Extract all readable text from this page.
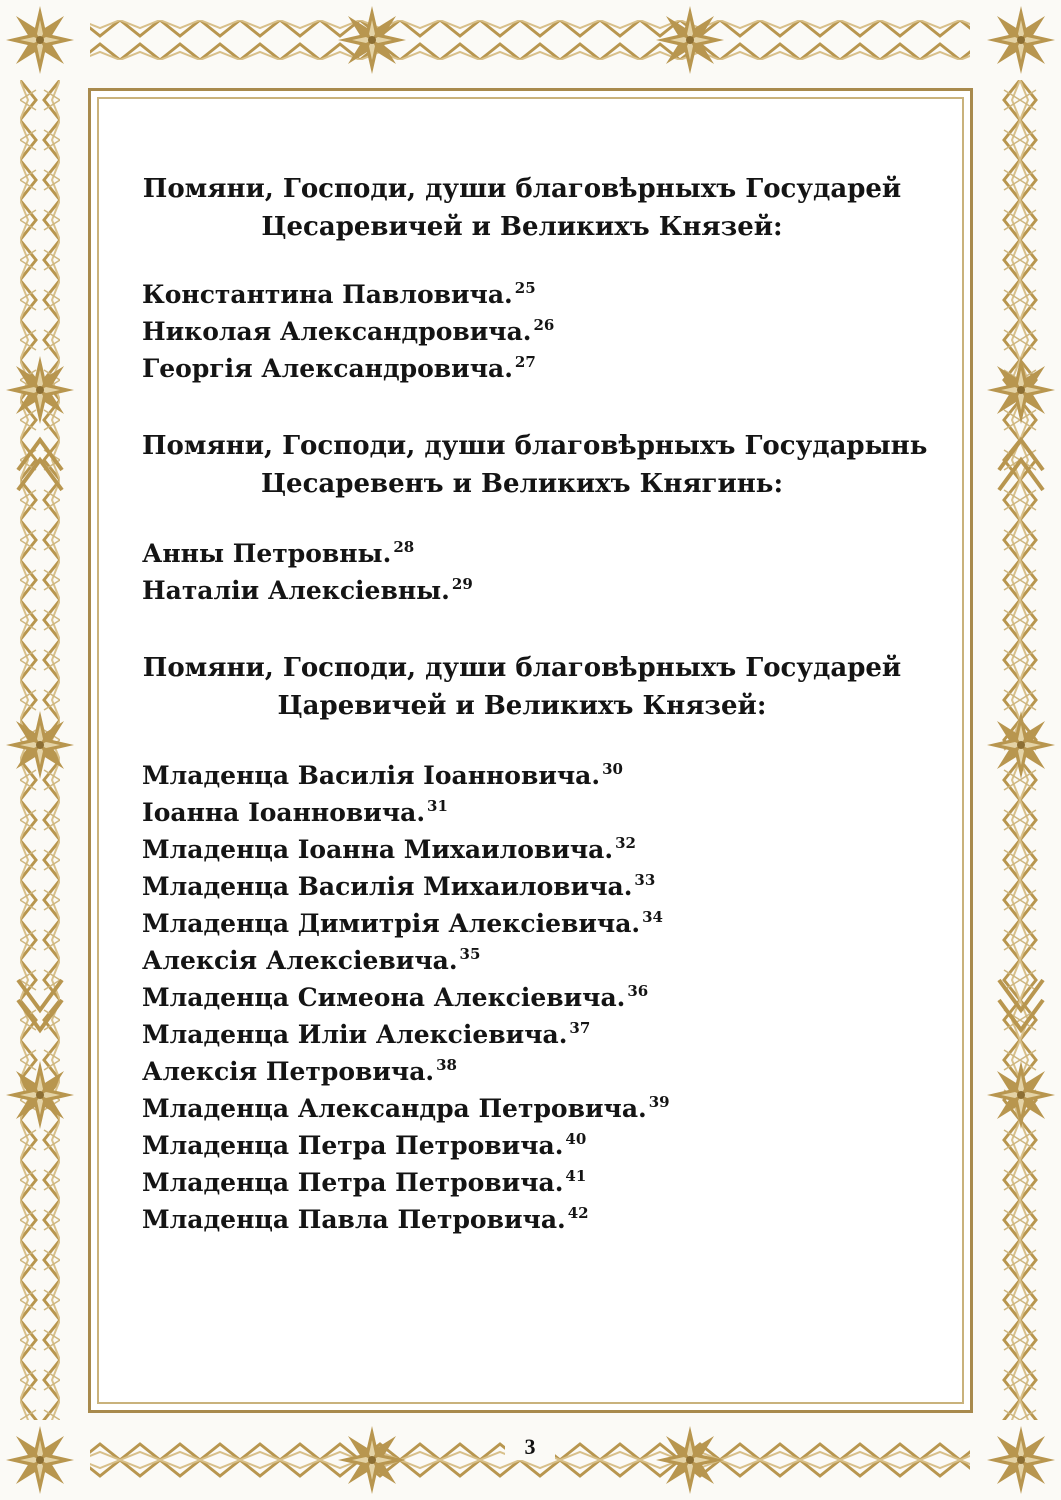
Помяни, Господи, души благовѣрныхъ Государей
Цесаревичей и Великихъ Князей:
Константина Павловича. $^{25}$
Николая Александровича. $^{26}$
Георгія Александровича. $^{27}$
Помяни, Господи, души благовѣрныхъ Государынь
Цесаревенъ и Великихъ Княгинь:
Анны Петровны. $^{28}$
Наталіи Алексіевны. $^{29}$
Помяни, Господи, души благовѣрныхъ Государей
Царевичей и Великихъ Князей:
Младенца Василія Іоанновича. $^{30}$
Іоанна Іоанновича. $^{31}$
Младенца Іоанна Михаиловича. $^{32}$
Младенца Василія Михаиловича. $^{33}$
Младенца Димитрія Алексіевича. $^{34}$
Алексія Алексіевича. $^{35}$
Младенца Симеона Алексіевича. $^{36}$
Младенца Иліи Алексіевича. $^{37}$
Алексія Петровича. $^{38}$
Младенца Александра Петровича. $^{39}$
Младенца Петра Петровича. $^{40}$
Младенца Петра Петровича. $^{41}$
Младенца Павла Петровича. $^{42}$
3
